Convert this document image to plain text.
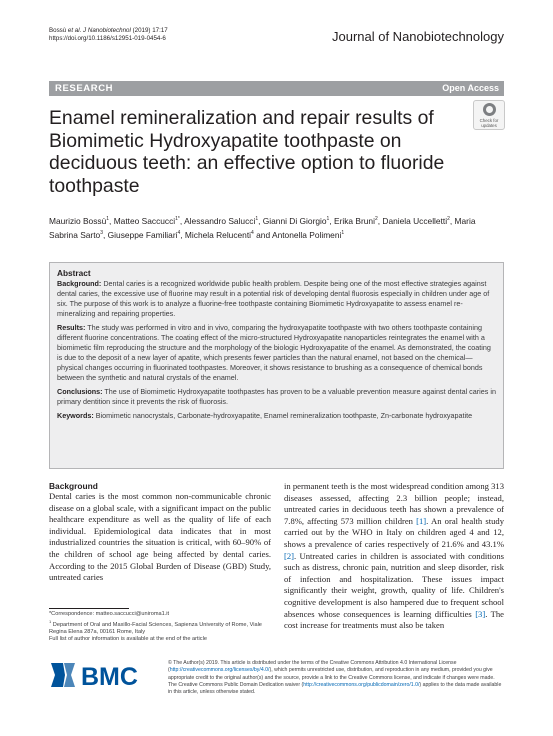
Bossù et al. J Nanobiotechnol (2019) 17:17
https://doi.org/10.1186/s12951-019-0454-6	Journal of Nanobiotechnology
RESEARCH	Open Access
Enamel remineralization and repair results of Biomimetic Hydroxyapatite toothpaste on deciduous teeth: an effective option to fluoride toothpaste
Check for
updates
Maurizio Bossù$^1$, Matteo Saccucci$^{1*}$, Alessandro Salucci$^1$, Gianni Di Giorgio$^1$, Erika Bruni$^2$, Daniela Uccelletti$^2$, Maria Sabrina Sarto$^3$, Giuseppe Familiari$^4$, Michela Relucenti$^4$ and Antonella Polimeni$^1$
Abstract

Background: Dental caries is a recognized worldwide public health problem. Despite being one of the most effective strategies against dental caries, the excessive use of fluorine may result in a potential risk of developing dental fluorosis especially in children under age of six. The purpose of this work is to analyze a fluorine-free toothpaste containing Biomimetic Hydroxyapatite to assess enamel re-mineralizing and repairing properties.

Results: The study was performed in vitro and in vivo, comparing the hydroxyapatite toothpaste with two others toothpaste containing different fluorine concentrations. The coating effect of the micro-structured Hydroxyapatite nanoparticles reintegrates the enamel with a biomimetic film reproducing the structure and the morphology of the biologic Hydroxyapatite of the enamel. As demonstrated, the coating is due to the deposit of a new layer of apatite, which presents fewer particles than the natural enamel, not based on the chemical—physical changes occurring in fluorinated toothpastes. Moreover, it shows resistance to brushing as a consequence of chemical bonds between the synthetic and natural crystals of the enamel.

Conclusions: The use of Biomimetic Hydroxyapatite toothpastes has proven to be a valuable prevention measure against dental caries in primary dentition since it prevents the risk of fluorosis.

Keywords: Biomimetic nanocrystals, Carbonate-hydroxyapatite, Enamel remineralization toothpaste, Zn-carbonate hydroxyapatite

Background

Dental caries is the most common non-communicable chronic disease on a global scale, with a significant impact on the public healthcare expenditure as well as the quality of life of each individual. Epidemiological data indicates that in most industrialized countries the situation is critical, with 60–90% of the children of school age being affected by dental caries. According to the 2015 Global Burden of Disease (GBD) Study, untreated caries

in permanent teeth is the most widespread condition among 313 diseases assessed, affecting 2.3 billion people; instead, untreated caries in deciduous teeth has shown a prevalence of 7.8%, affecting 573 million children [1]. An oral health study carried out by the WHO in Italy on children aged 4 and 12, shows a prevalence of caries respectively of 21.6% and 43.1% [2]. Untreated caries in children is associated with conditions such as distress, chronic pain, nutrition and sleep disorder, risk of infection and hospitalization. These issues impact significantly their weight, growth, quality of life. Children's cognitive development is also hampered due to frequent school absences whose consequences is learning difficulties [3]. The cost increase for treatments must also be taken

*Correspondence: matteo.saccucci@uniroma1.it
$^1$ Department of Oral and Maxillo-Facial Sciences, Sapienza University of Rome, Viale Regina Elena 287a, 00161 Rome, Italy
Full list of author information is available at the end of the article
BMC	© The Author(s) 2019. This article is distributed under the terms of the Creative Commons Attribution 4.0 International License (http://creativecommons.org/licenses/by/4.0/), which permits unrestricted use, distribution, and reproduction in any medium, provided you give appropriate credit to the original author(s) and the source, provide a link to the Creative Commons license, and indicate if changes were made. The Creative Commons Public Domain Dedication waiver (http://creativecommons.org/publicdomain/zero/1.0/) applies to the data made available in this article, unless otherwise stated.
